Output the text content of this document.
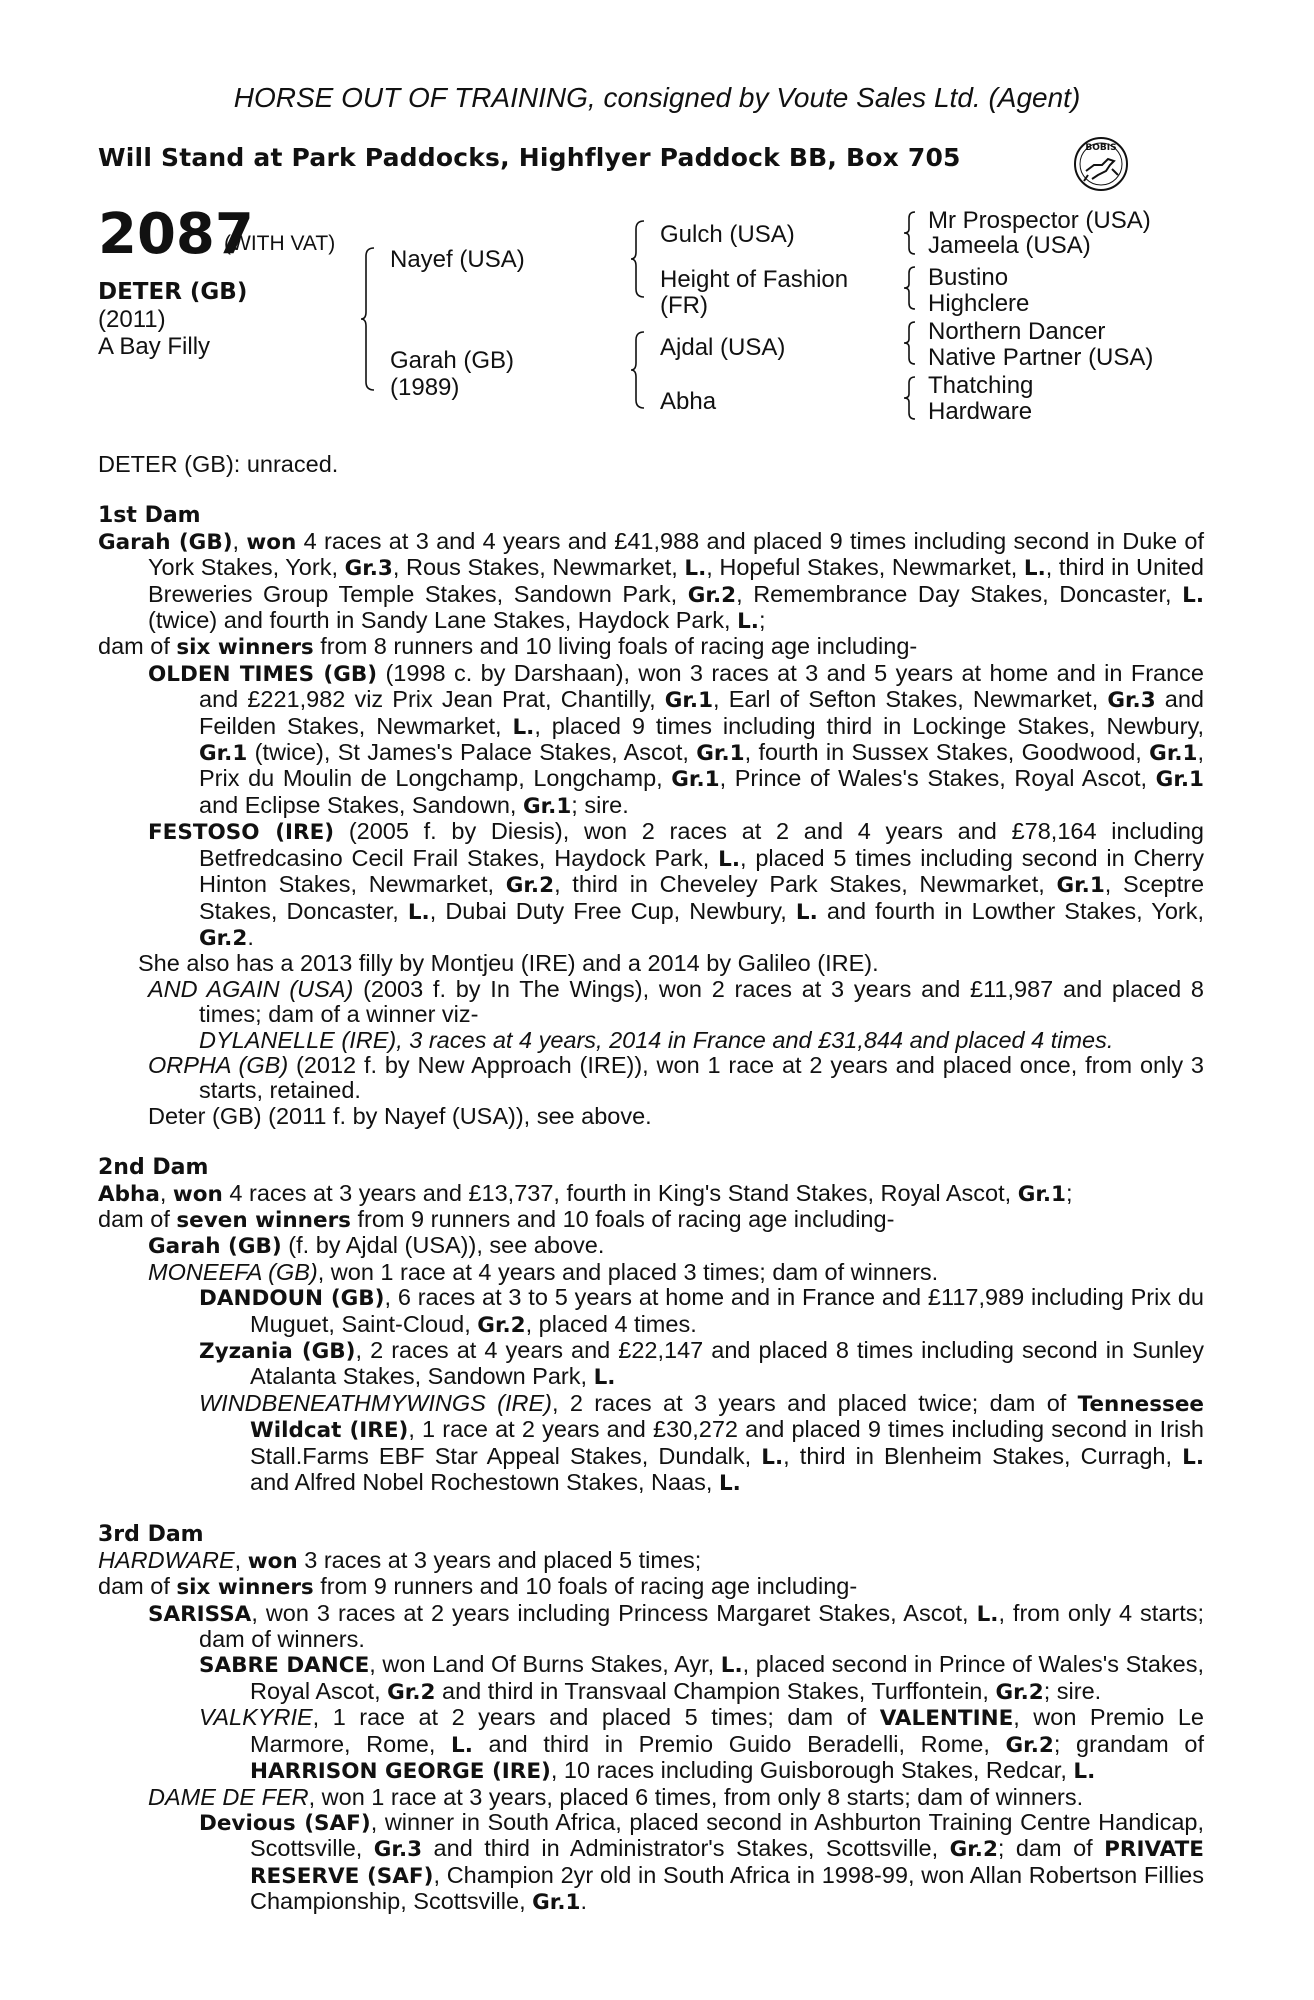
HORSE OUT OF TRAINING, consigned by Voute Sales Ltd. (Agent)
Will Stand at Park Paddocks, Highflyer Paddock BB, Box 705	BOBIS
2087
(WITH VAT)
DETER (GB)
(2011)
A Bay Filly
Nayef (USA)
Garah (GB)
(1989)
Gulch (USA)
Height of Fashion
(FR)
Ajdal (USA)
Abha
Mr Prospector (USA)
Jameela (USA)
Bustino
Highclere
Northern Dancer
Native Partner (USA)
Thatching
Hardware

DETER (GB): unraced.

1st Dam

Garah (GB), won 4 races at 3 and 4 years and £41,988 and placed 9 times including second in Duke of York Stakes, York, Gr.3, Rous Stakes, Newmarket, L., Hopeful Stakes, Newmarket, L., third in United Breweries Group Temple Stakes, Sandown Park, Gr.2, Remembrance Day Stakes, Doncaster, L. (twice) and fourth in Sandy Lane Stakes, Haydock Park, L.;

dam of six winners from 8 runners and 10 living foals of racing age including-

OLDEN TIMES (GB) (1998 c. by Darshaan), won 3 races at 3 and 5 years at home and in France and £221,982 viz Prix Jean Prat, Chantilly, Gr.1, Earl of Sefton Stakes, Newmarket, Gr.3 and Feilden Stakes, Newmarket, L., placed 9 times including third in Lockinge Stakes, Newbury, Gr.1 (twice), St James's Palace Stakes, Ascot, Gr.1, fourth in Sussex Stakes, Goodwood, Gr.1, Prix du Moulin de Longchamp, Longchamp, Gr.1, Prince of Wales's Stakes, Royal Ascot, Gr.1 and Eclipse Stakes, Sandown, Gr.1; sire.

FESTOSO (IRE) (2005 f. by Diesis), won 2 races at 2 and 4 years and £78,164 including Betfredcasino Cecil Frail Stakes, Haydock Park, L., placed 5 times including second in Cherry Hinton Stakes, Newmarket, Gr.2, third in Cheveley Park Stakes, Newmarket, Gr.1, Sceptre Stakes, Doncaster, L., Dubai Duty Free Cup, Newbury, L. and fourth in Lowther Stakes, York, Gr.2.

She also has a 2013 filly by Montjeu (IRE) and a 2014 by Galileo (IRE).

AND AGAIN (USA) (2003 f. by In The Wings), won 2 races at 3 years and £11,987 and placed 8 times; dam of a winner viz-

DYLANELLE (IRE), 3 races at 4 years, 2014 in France and £31,844 and placed 4 times.

ORPHA (GB) (2012 f. by New Approach (IRE)), won 1 race at 2 years and placed once, from only 3 starts, retained.

Deter (GB) (2011 f. by Nayef (USA)), see above.

2nd Dam

Abha, won 4 races at 3 years and £13,737, fourth in King's Stand Stakes, Royal Ascot, Gr.1;

dam of seven winners from 9 runners and 10 foals of racing age including-

Garah (GB) (f. by Ajdal (USA)), see above.

MONEEFA (GB), won 1 race at 4 years and placed 3 times; dam of winners.

DANDOUN (GB), 6 races at 3 to 5 years at home and in France and £117,989 including Prix du Muguet, Saint-Cloud, Gr.2, placed 4 times.

Zyzania (GB), 2 races at 4 years and £22,147 and placed 8 times including second in Sunley Atalanta Stakes, Sandown Park, L.

WINDBENEATHMYWINGS (IRE), 2 races at 3 years and placed twice; dam of Tennessee Wildcat (IRE), 1 race at 2 years and £30,272 and placed 9 times including second in Irish Stall.Farms EBF Star Appeal Stakes, Dundalk, L., third in Blenheim Stakes, Curragh, L. and Alfred Nobel Rochestown Stakes, Naas, L.

3rd Dam

HARDWARE, won 3 races at 3 years and placed 5 times;

dam of six winners from 9 runners and 10 foals of racing age including-

SARISSA, won 3 races at 2 years including Princess Margaret Stakes, Ascot, L., from only 4 starts; dam of winners.

SABRE DANCE, won Land Of Burns Stakes, Ayr, L., placed second in Prince of Wales's Stakes, Royal Ascot, Gr.2 and third in Transvaal Champion Stakes, Turffontein, Gr.2; sire.

VALKYRIE, 1 race at 2 years and placed 5 times; dam of VALENTINE, won Premio Le Marmore, Rome, L. and third in Premio Guido Beradelli, Rome, Gr.2; grandam of HARRISON GEORGE (IRE), 10 races including Guisborough Stakes, Redcar, L.

DAME DE FER, won 1 race at 3 years, placed 6 times, from only 8 starts; dam of winners.

Devious (SAF), winner in South Africa, placed second in Ashburton Training Centre Handicap, Scottsville, Gr.3 and third in Administrator's Stakes, Scottsville, Gr.2; dam of PRIVATE RESERVE (SAF), Champion 2yr old in South Africa in 1998-99, won Allan Robertson Fillies Championship, Scottsville, Gr.1.
